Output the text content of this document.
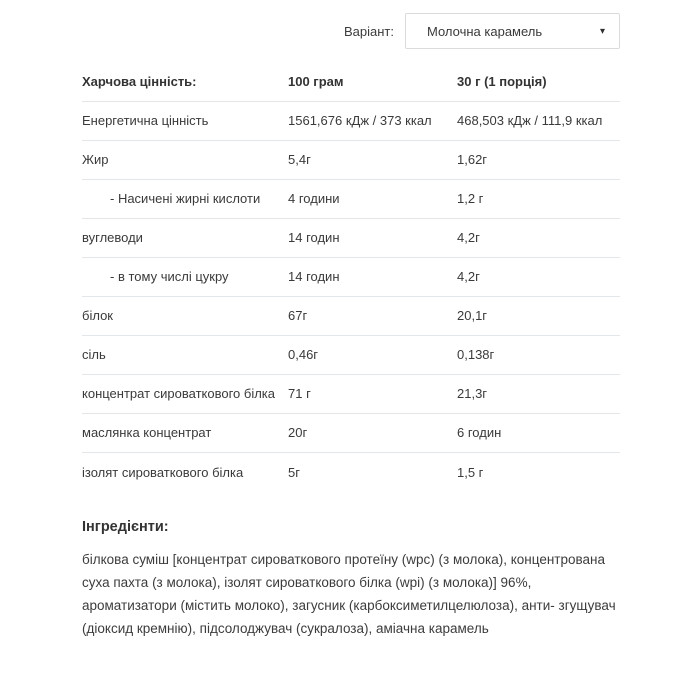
Варіант:	Молочна карамель	▾
Харчова цінність:	100 грам	30 г (1 порція)
Енергетична цінність	1561,676 кДж / 373 ккал	468,503 кДж / 111,9 ккал
Жир	5,4г	1,62г
- Насичені жирні кислоти	4 години	1,2 г
вуглеводи	14 годин	4,2г
- в тому числі цукру	14 годин	4,2г
білок	67г	20,1г
сіль	0,46г	0,138г
концентрат сироваткового білка 71 г	21,3г
маслянка концентрат	20г	6 годин
ізолят сироваткового білка	5г	1,5 г
Інгредієнти:

білкова суміш [концентрат сироваткового протеїну (wpc) (з молока), концентрована суха пахта (з молока), ізолят сироваткового білка (wpi) (з молока)] 96%, ароматизатори (містить молоко), загусник (карбоксиметилцелюлоза), анти- згущувач (діоксид кремнію), підсолоджувач (сукралоза), аміачна карамель
